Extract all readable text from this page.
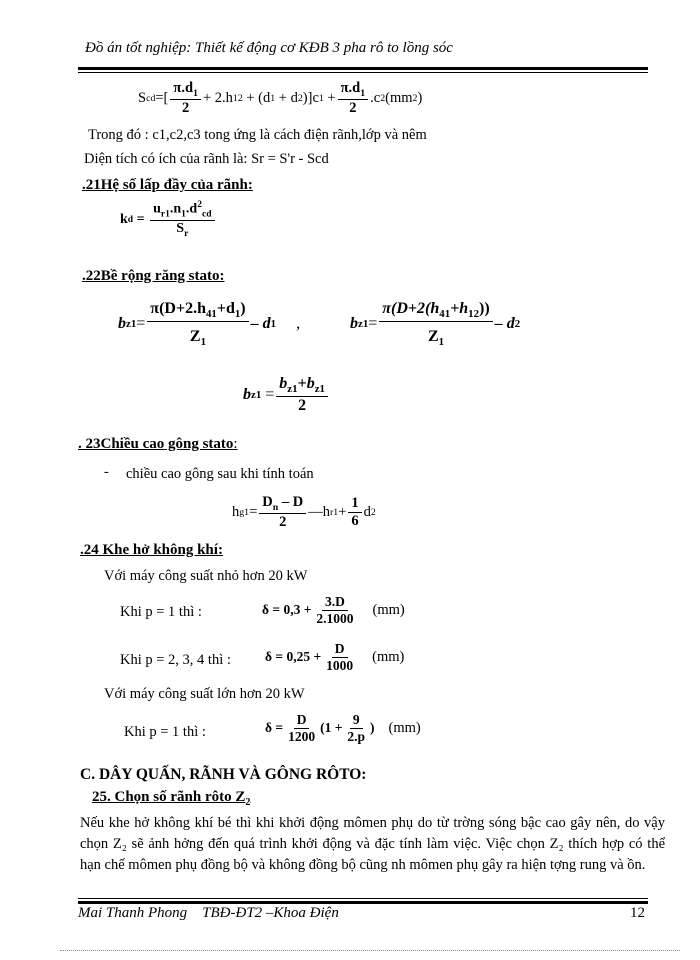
Đồ án tốt nghiệp: Thiết kế động cơ KĐB 3 pha rô to lồng sóc
S cd =[ $\frac{\pi.d_1}{2} + 2.h$ 12
+ (d 1
+ d 2 )]c 1
+ $\frac{\pi.d_1}{2} .c$ 2 (mm 2 )
Trong đó : c1,c2,c3 tong ứng là cách điện rãnh,lớp và nêm
Diện tích có ích của rãnh là: Sr = S'r - Scd
.21Hệ số lấp đầy của rãnh:
k $d = \frac{u_{r1}.n_1.d^2_{cd}}{S_r}$
.22Bề rộng răng stato:
b $z1 = \frac{\pi(D+2.h_{41}+d_1)}{Z_1} - d$ 1 ,	b $z1 = \frac{\pi(D+2(h_{41}+h_{12}))}{Z_1} - d$ 2
b $z1 = \frac{b_{z1}+b_{z1}}{2}$
. 23Chiều cao gông stato:
- chiều cao gông sau khi tính toán
h $g1 = \frac{D_n - D}{2}$ —h $r1 + \frac{1}{6}$ d 2
.24 Khe hở không khí:
Với máy công suất nhỏ hơn 20 kW
Khi p = 1 thì :	$\delta = 0,3 + \frac{3.D}{2.1000} (mm)$
Khi p = 2, 3, 4 thì :	$\delta = 0,25 + \frac{D}{1000} (mm)$
Với máy công suất lớn hơn 20 kW
Khi p = 1 thì :	$\delta = \frac{D}{1200} (1 + \frac{9}{2.p}$ ) (mm)
C. DÂY QUẤN, RÃNH VÀ GÔNG RÔTO:
25. Chọn số rãnh rôto $Z_2$
Nếu khe hở không khí bé thì khi khởi động mômen phụ do từ trờng sóng bậc cao gây nên, do vậy chọn Z₂ sẽ ảnh hởng đến quá trình khởi động và đặc tính làm việc. Việc chọn Z₂ thích hợp có thể hạn chế mômen phụ đồng bộ và không đồng bộ cũng nh mômen phụ gây ra hiện tợng rung và ồn.
Mai Thanh Phong TBĐ-ĐT2 –Khoa Điện	12
